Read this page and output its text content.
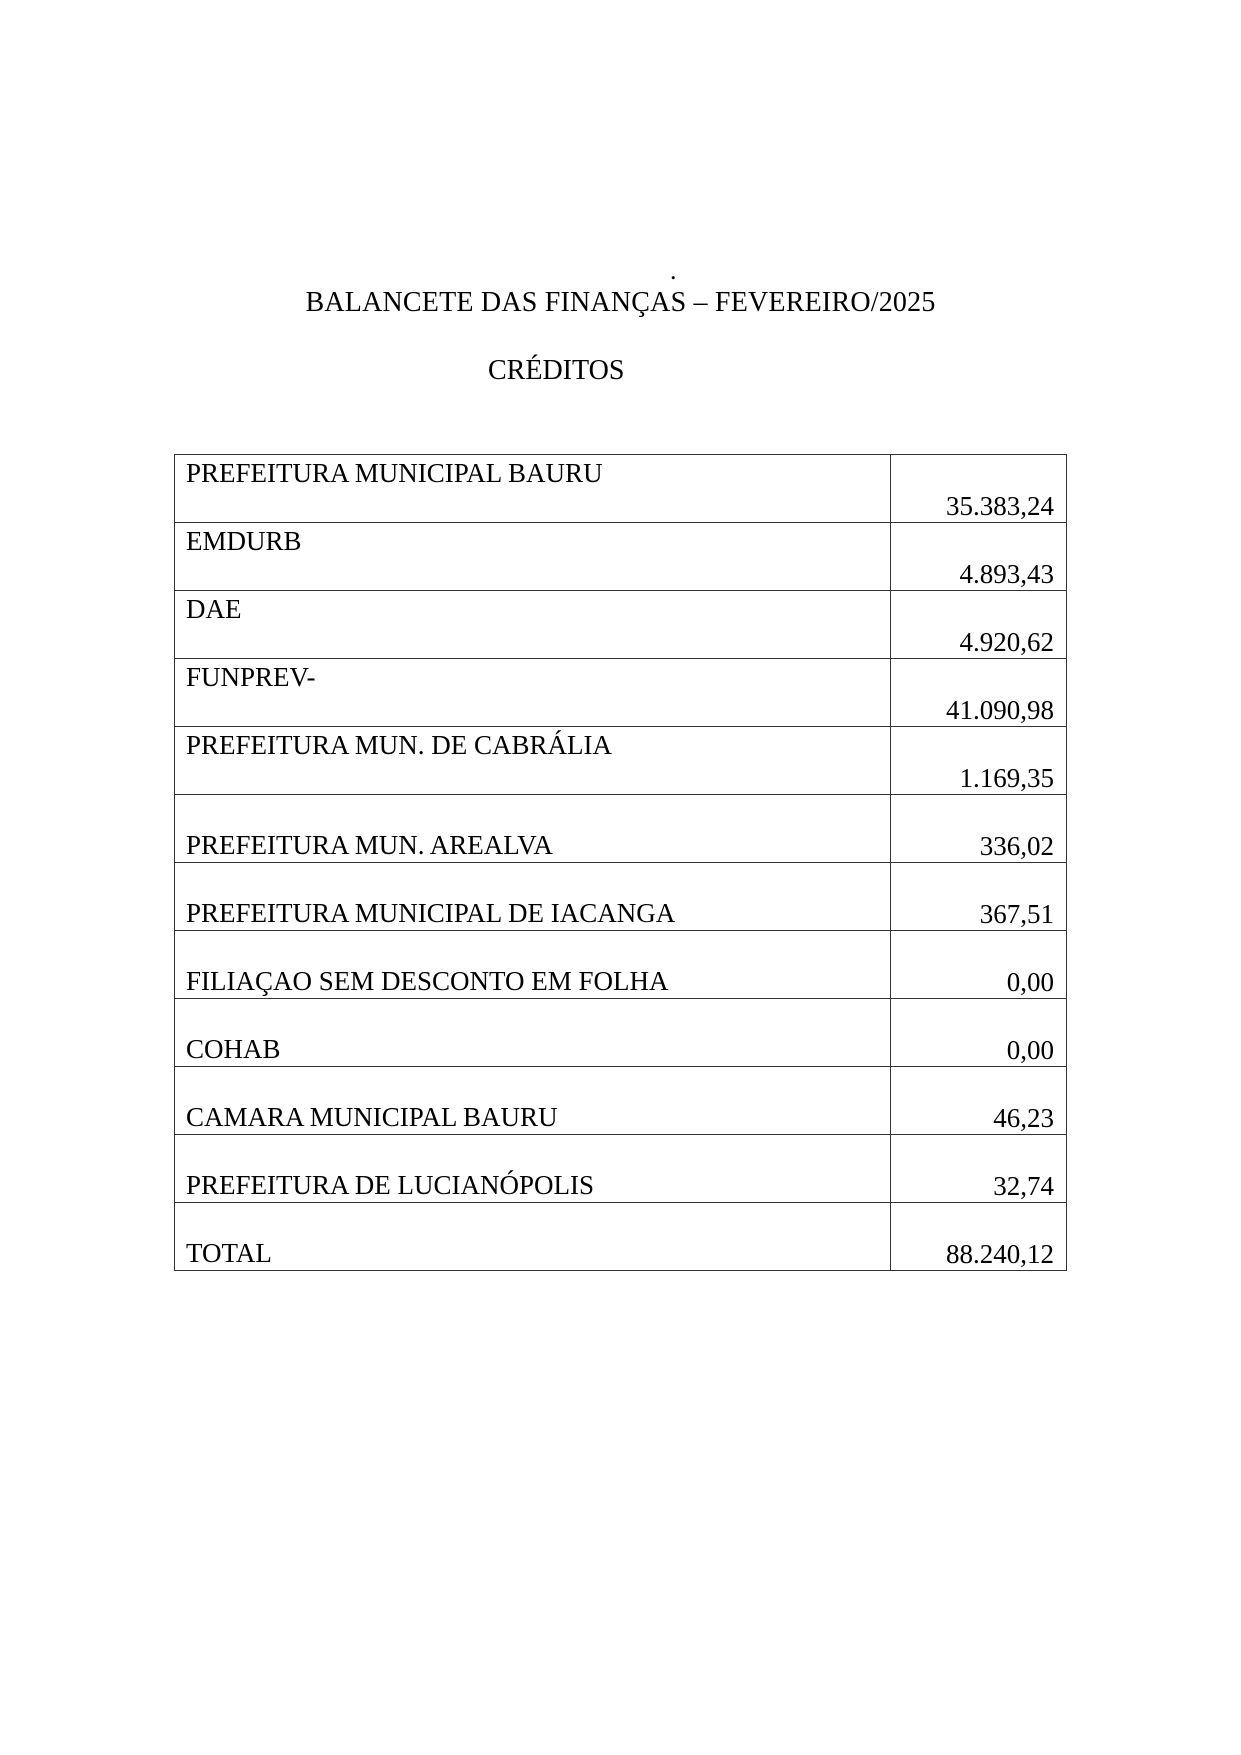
.
BALANCETE DAS FINANÇAS – FEVEREIRO/2025
CRÉDITOS
PREFEITURA MUNICIPAL BAURU	35.383,24

EMDURB	4.893,43

DAE	4.920,62

FUNPREV-	41.090,98

PREFEITURA MUN. DE CABRÁLIA	1.169,35

PREFEITURA MUN. AREALVA	336,02

PREFEITURA MUNICIPAL DE IACANGA	367,51

FILIAÇAO SEM DESCONTO EM FOLHA	0,00

COHAB	0,00

CAMARA MUNICIPAL BAURU	46,23

PREFEITURA DE LUCIANÓPOLIS	32,74

TOTAL	88.240,12
